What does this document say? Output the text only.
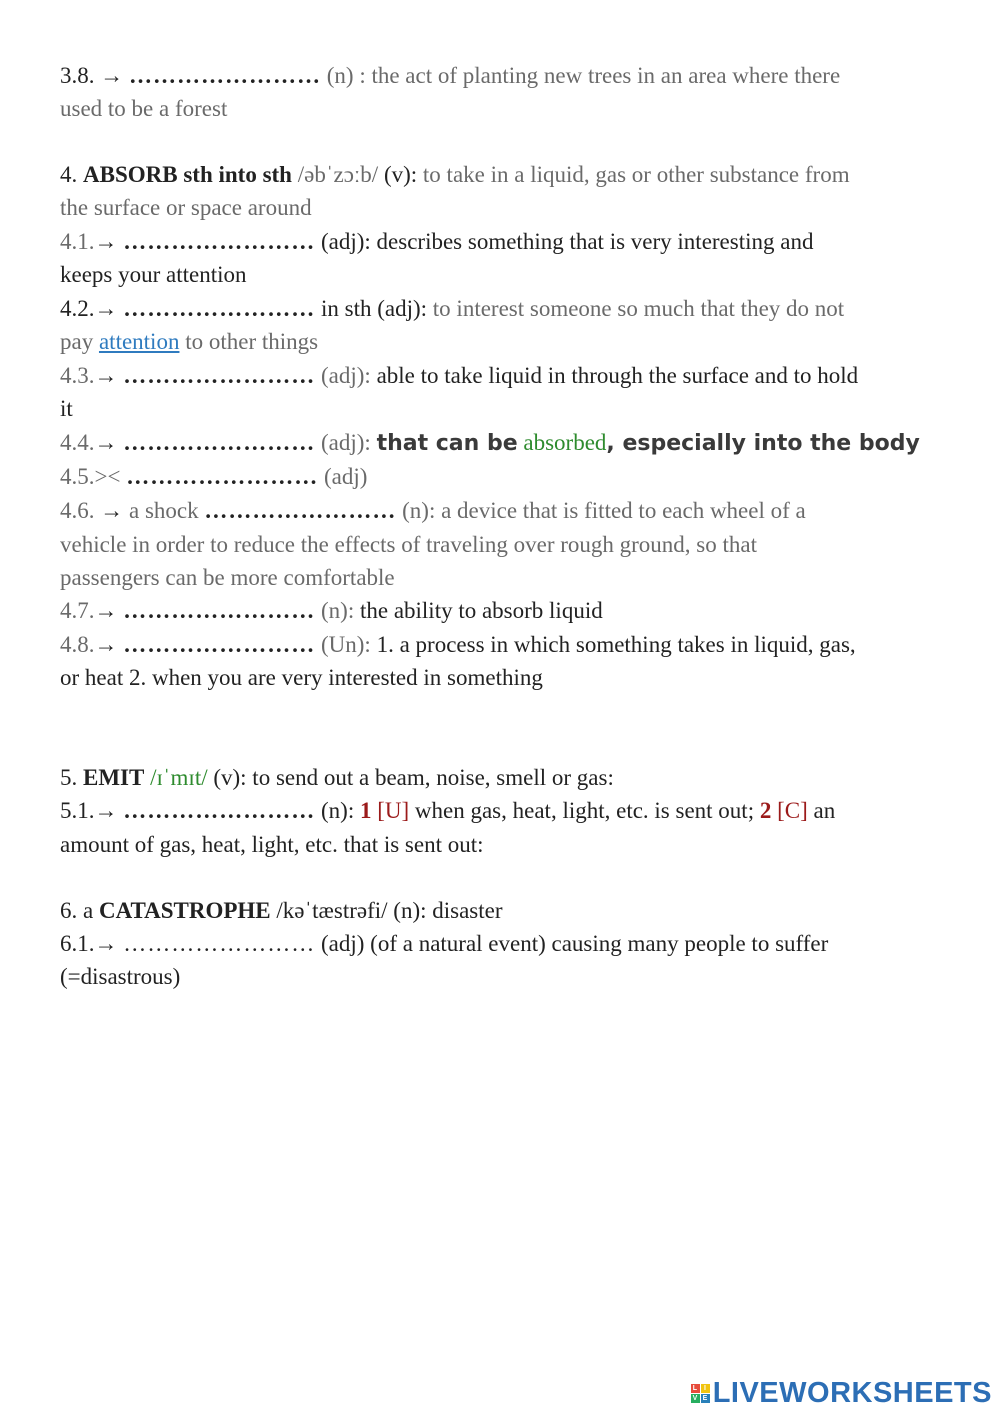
3.8. → …………………… (n) : the act of planting new trees in an area where there
used to be a forest
4. ABSORB sth into sth /əbˈzɔːb/ (v): to take in a liquid, gas or other substance from
the surface or space around
4.1.→ …………………… (adj): describes something that is very interesting and
keeps your attention
4.2.→ …………………… in sth (adj): to interest someone so much that they do not
pay attention to other things
4.3.→ …………………… (adj): able to take liquid in through the surface and to hold
it
4.4.→ …………………… (adj): that can be absorbed, especially into the body
4.5.>< …………………… (adj)
4.6. → a shock …………………… (n): a device that is fitted to each wheel of a
vehicle in order to reduce the effects of traveling over rough ground, so that
passengers can be more comfortable
4.7.→ …………………… (n): the ability to absorb liquid
4.8.→ …………………… (Un): 1. a process in which something takes in liquid, gas,
or heat 2. when you are very interested in something
5. EMIT /ɪˈmɪt/ (v): to send out a beam, noise, smell or gas:
5.1.→ …………………… (n): 1 [U] when gas, heat, light, etc. is sent out; 2 [C] an
amount of gas, heat, light, etc. that is sent out:
6. a CATASTROPHE /kəˈtæstrəfi/ (n): disaster
6.1.→ …………………… (adj) (of a natural event) causing many people to suffer
(=disastrous)
L I
V E LIVEWORKSHEETS
